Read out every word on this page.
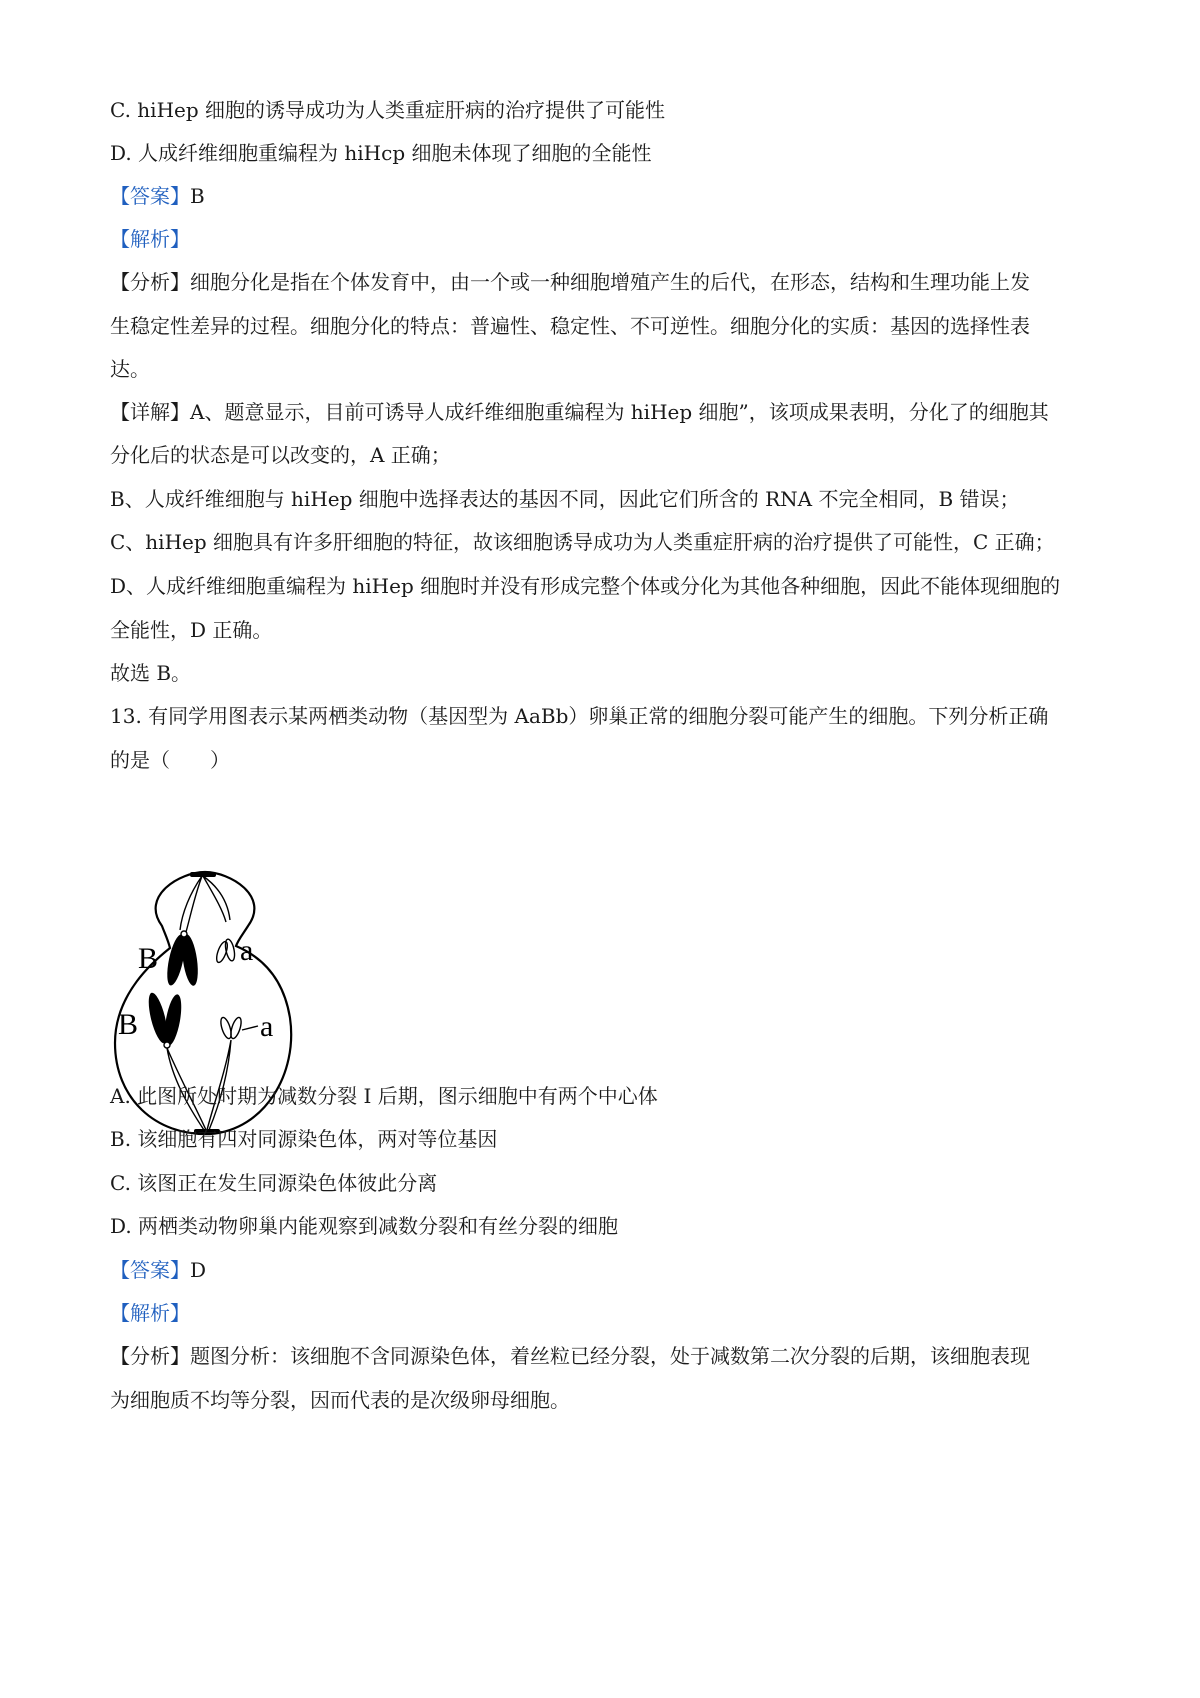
C. hiHep 细胞的诱导成功为人类重症肝病的治疗提供了可能性
D. 人成纤维细胞重编程为 hiHcp 细胞未体现了细胞的全能性
【答案】B
【解析】
【分析】细胞分化是指在个体发育中，由一个或一种细胞增殖产生的后代，在形态，结构和生理功能上发
生稳定性差异的过程。细胞分化的特点：普遍性、稳定性、不可逆性。细胞分化的实质：基因的选择性表
达。
【详解】A、题意显示，目前可诱导人成纤维细胞重编程为 hiHep 细胞”，该项成果表明，分化了的细胞其
分化后的状态是可以改变的，A 正确；
B、人成纤维细胞与 hiHep 细胞中选择表达的基因不同，因此它们所含的 RNA 不完全相同，B 错误；
C、hiHep 细胞具有许多肝细胞的特征，故该细胞诱导成功为人类重症肝病的治疗提供了可能性，C 正确；
D、人成纤维细胞重编程为 hiHep 细胞时并没有形成完整个体或分化为其他各种细胞，因此不能体现细胞的
全能性，D 正确。
故选 B。
13. 有同学用图表示某两栖类动物（基因型为 AaBb）卵巢正常的细胞分裂可能产生的细胞。下列分析正确
的是（　　）
B	a
B	a
A. 此图所处时期为减数分裂 I 后期，图示细胞中有两个中心体
B. 该细胞有四对同源染色体，两对等位基因
C. 该图正在发生同源染色体彼此分离
D. 两栖类动物卵巢内能观察到减数分裂和有丝分裂的细胞
【答案】D
【解析】
【分析】题图分析：该细胞不含同源染色体，着丝粒已经分裂，处于减数第二次分裂的后期，该细胞表现
为细胞质不均等分裂，因而代表的是次级卵母细胞。
